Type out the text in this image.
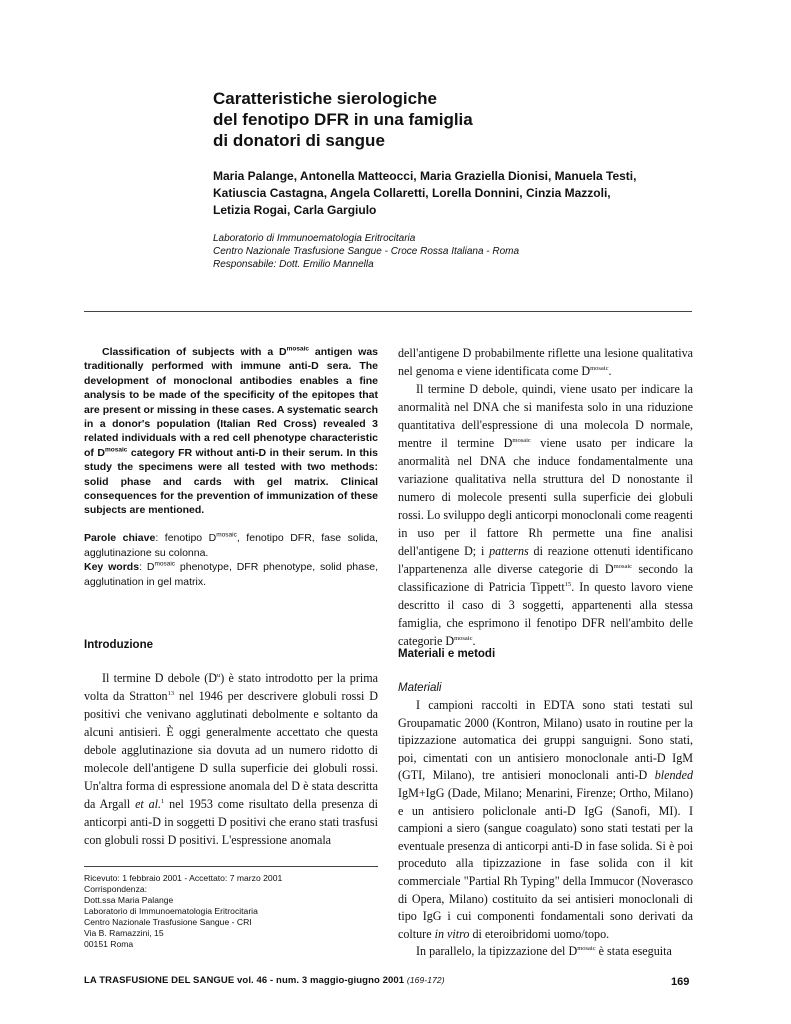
Caratteristiche sierologiche
del fenotipo DFR in una famiglia
di donatori di sangue
Maria Palange, Antonella Matteocci, Maria Graziella Dionisi, Manuela Testi,
Katiuscia Castagna, Angela Collaretti, Lorella Donnini, Cinzia Mazzoli,
Letizia Rogai, Carla Gargiulo
Laboratorio di Immunoematologia Eritrocitaria
Centro Nazionale Trasfusione Sangue - Croce Rossa Italiana - Roma
Responsabile: Dott. Emilio Mannella
Classification of subjects with a $D^{mosaic}$ antigen was traditionally performed with immune anti-D sera. The development of monoclonal antibodies enables a fine analysis to be made of the specificity of the epitopes that are present or missing in these cases. A systematic search in a donor's population (Italian Red Cross) revealed 3 related individuals with a red cell phenotype characteristic of $D^{mosaic}$ category FR without anti-D in their serum. In this study the specimens were all tested with two methods: solid phase and cards with gel matrix. Clinical consequences for the prevention of immunization of these subjects are mentioned.

Parole chiave: fenotipo $D^{mosaic}$, fenotipo DFR, fase solida, agglutinazione su colonna.

Key words: $D^{mosaic}$ phenotype, DFR phenotype, solid phase, agglutination in gel matrix.

Introduzione
Il termine D debole $(D^u)$ è stato introdotto per la prima volta da Stratton$^{13}$ nel 1946 per descrivere globuli rossi D positivi che venivano agglutinati debolmente e soltanto da alcuni antisieri. È oggi generalmente accettato che questa debole agglutinazione sia dovuta ad un numero ridotto di molecole dell'antigene D sulla superficie dei globuli rossi. Un'altra forma di espressione anomala del D è stata descritta da Argall et al.$^1$ nel 1953 come risultato della presenza di anticorpi anti-D in soggetti D positivi che erano stati trasfusi con globuli rossi D positivi. L'espressione anomala

dell'antigene D probabilmente riflette una lesione qualitativa nel genoma e viene identificata come $D^{mosaic}$.

Il termine D debole, quindi, viene usato per indicare la anormalità nel DNA che si manifesta solo in una riduzione quantitativa dell'espressione di una molecola D normale, mentre il termine $D^{mosaic}$ viene usato per indicare la anormalità nel DNA che induce fondamentalmente una variazione qualitativa nella struttura del D nonostante il numero di molecole presenti sulla superficie dei globuli rossi. Lo sviluppo degli anticorpi monoclonali come reagenti in uso per il fattore Rh permette una fine analisi dell'antigene D; i patterns di reazione ottenuti identificano l'appartenenza alle diverse categorie di $D^{mosaic}$ secondo la classificazione di Patricia Tippett$^{15}$. In questo lavoro viene descritto il caso di 3 soggetti, appartenenti alla stessa famiglia, che esprimono il fenotipo DFR nell'ambito delle categorie $D^{mosaic}$.

Materiali e metodi
Materiali

I campioni raccolti in EDTA sono stati testati sul Groupamatic 2000 (Kontron, Milano) usato in routine per la tipizzazione automatica dei gruppi sanguigni. Sono stati, poi, cimentati con un antisiero monoclonale anti-D IgM (GTI, Milano), tre antisieri monoclonali anti-D blended IgM+IgG (Dade, Milano; Menarini, Firenze; Ortho, Milano) e un antisiero policlonale anti-D IgG (Sanofi, MI). I campioni a siero (sangue coagulato) sono stati testati per la eventuale presenza di anticorpi anti-D in fase solida. Si è poi proceduto alla tipizzazione in fase solida con il kit commerciale "Partial Rh Typing" della Immucor (Noverasco di Opera, Milano) costituito da sei antisieri monoclonali di tipo IgG i cui componenti fondamentali sono derivati da colture in vitro di eteroibridomi uomo/topo.

In parallelo, la tipizzazione del $D^{mosaic}$ è stata eseguita

Ricevuto: 1 febbraio 2001 - Accettato: 7 marzo 2001
Corrispondenza:
Dott.ssa Maria Palange
Laboratorio di Immunoematologia Eritrocitaria
Centro Nazionale Trasfusione Sangue - CRI
Via B. Ramazzini, 15
00151 Roma
LA TRASFUSIONE DEL SANGUE vol. 46 - num. 3 maggio-giugno 2001 (169-172)	169
